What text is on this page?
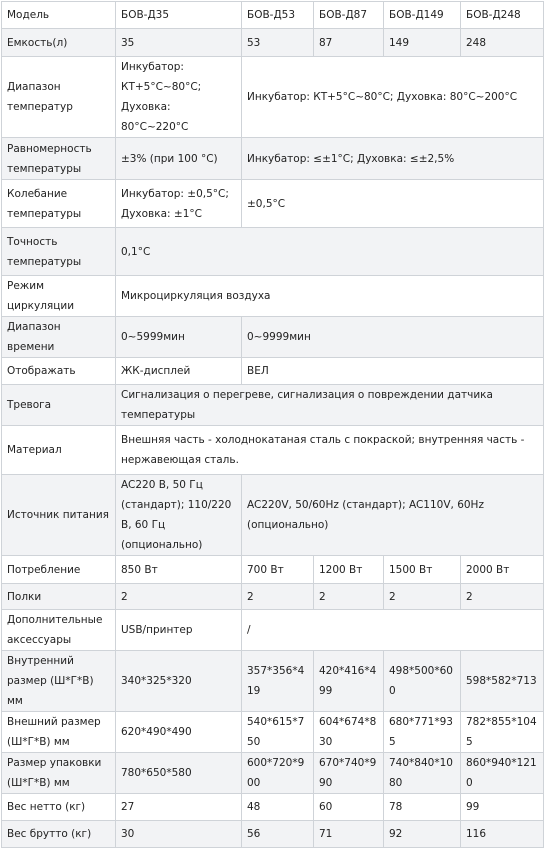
Модель	БОВ-Д35	БОВ-Д53	БОВ-Д87	БОВ-Д149	БОВ-Д248
Емкость(л)	35	53	87	149	248
Диапазон температур	Инкубатор: КТ+5°C~80°C; Духовка: 80°C~220°C	Инкубатор: КТ+5°C~80°C; Духовка: 80°C~200°C			
Равномерность температуры	±3% (при 100 °C)	Инкубатор: ≤±1°C; Духовка: ≤±2,5%			
Колебание температуры	Инкубатор: ±0,5°C; Духовка: ±1°C	±0,5°C			
Точность температуры	0,1°C				
Режим циркуляции	Микроциркуляция воздуха				
Диапазон времени	0~5999мин	0~9999мин			
Отображать	ЖК-дисплей	ВЕЛ			
Тревога	Сигнализация о перегреве, сигнализация о повреждении датчика температуры				
Материал	Внешняя часть - холоднокатаная сталь с покраской; внутренняя часть - нержавеющая сталь.				
Источник питания	AC220 В, 50 Гц (стандарт); 110/220 В, 60 Гц (опционально)	AC220V, 50/60Hz (стандарт); AC110V, 60Hz (опционально)			
Потребление	850 Вт	700 Вт	1200 Вт	1500 Вт	2000 Вт
Полки	2	2	2	2	2
Дополнительные аксессуары	USB/принтер	/			
Внутренний размер (Ш*Г*В) мм	340*325*320	357*356*419	420*416*499	498*500*600	598*582*713
Внешний размер (Ш*Г*В) мм	620*490*490	540*615*750	604*674*830	680*771*935	782*855*1045
Размер упаковки (Ш*Г*В) мм	780*650*580	600*720*900	670*740*990	740*840*1080	860*940*1210
Вес нетто (кг)	27	48	60	78	99
Вес брутто (кг)	30	56	71	92	116
